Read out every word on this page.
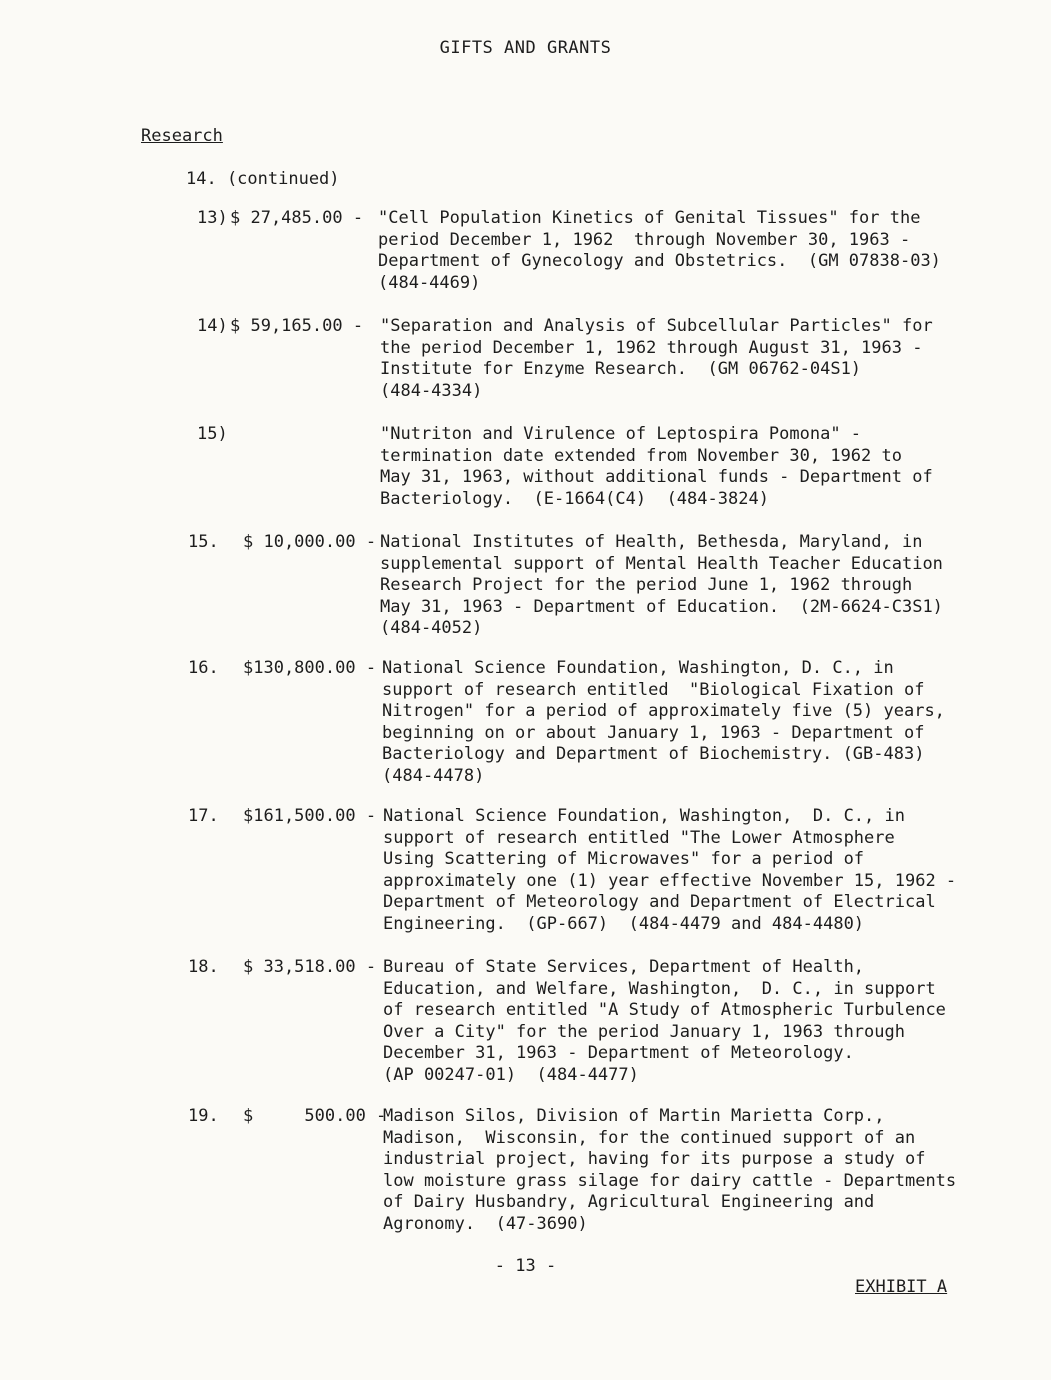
GIFTS AND GRANTS
Research
14. (continued)
13) $ 27,485.00 - "Cell Population Kinetics of Genital Tissues" for the
period December 1, 1962  through November 30, 1963 -
Department of Gynecology and Obstetrics.  (GM 07838-03)
(484-4469)
14) $ 59,165.00 - "Separation and Analysis of Subcellular Particles" for
the period December 1, 1962 through August 31, 1963 -
Institute for Enzyme Research.  (GM 06762-04S1)
(484-4334)
15)	"Nutriton and Virulence of Leptospira Pomona" -
termination date extended from November 30, 1962 to
May 31, 1963, without additional funds - Department of
Bacteriology.  (E-1664(C4)  (484-3824)
15. $ 10,000.00 - National Institutes of Health, Bethesda, Maryland, in
supplemental support of Mental Health Teacher Education
Research Project for the period June 1, 1962 through
May 31, 1963 - Department of Education.  (2M-6624-C3S1)
(484-4052)
16. $130,800.00 - National Science Foundation, Washington, D. C., in
support of research entitled  "Biological Fixation of
Nitrogen" for a period of approximately five (5) years,
beginning on or about January 1, 1963 - Department of
Bacteriology and Department of Biochemistry. (GB-483)
(484-4478)
17. $161,500.00 - National Science Foundation, Washington,  D. C., in
support of research entitled "The Lower Atmosphere
Using Scattering of Microwaves" for a period of
approximately one (1) year effective November 15, 1962 -
Department of Meteorology and Department of Electrical
Engineering.  (GP-667)  (484-4479 and 484-4480)
18. $ 33,518.00 - Bureau of State Services, Department of Health,
Education, and Welfare, Washington,  D. C., in support
of research entitled "A Study of Atmospheric Turbulence
Over a City" for the period January 1, 1963 through
December 31, 1963 - Department of Meteorology.
(AP 00247-01)  (484-4477)
19. $     500.00 -
Madison Silos, Division of Martin Marietta Corp.,
Madison,  Wisconsin, for the continued support of an
industrial project, having for its purpose a study of
low moisture grass silage for dairy cattle - Departments
of Dairy Husbandry, Agricultural Engineering and
Agronomy.  (47-3690)
- 13 -
EXHIBIT A
